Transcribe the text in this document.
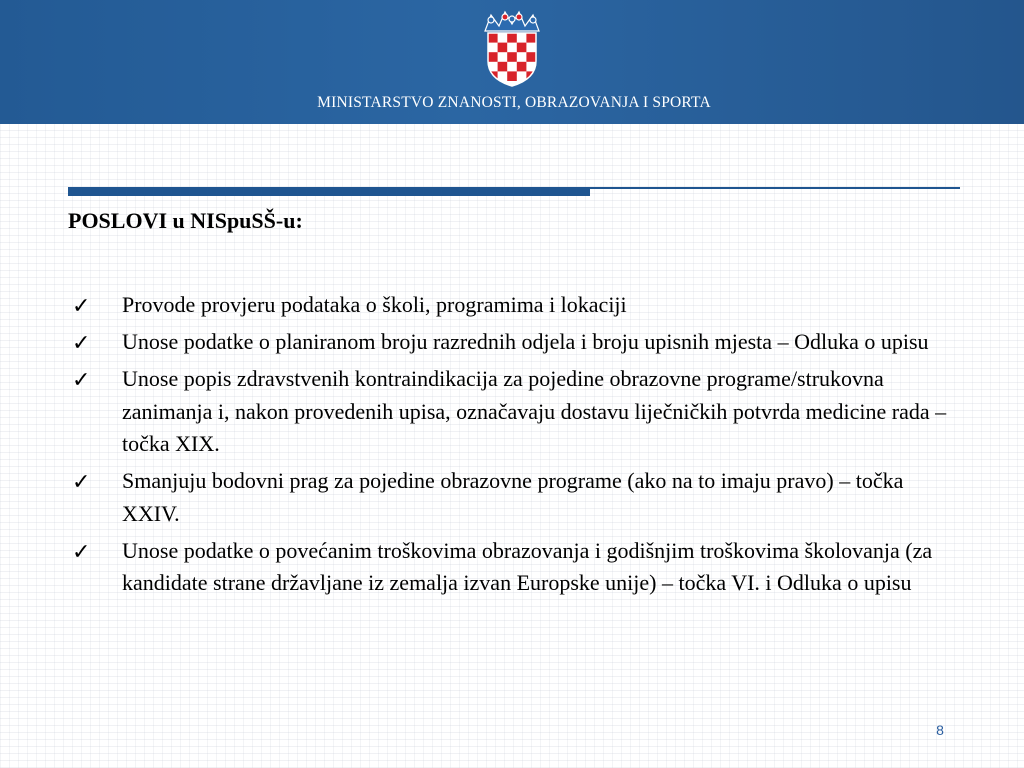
MINISTARSTVO ZNANOSTI, OBRAZOVANJA I SPORTA
POSLOVI u NISpuSŠ-u:
✓ Provode provjeru podataka o školi, programima i lokaciji
✓ Unose podatke o planiranom broju razrednih odjela i broju upisnih mjesta – Odluka o upisu
✓ Unose popis zdravstvenih kontraindikacija za pojedine obrazovne programe/strukovna zanimanja i, nakon provedenih upisa, označavaju dostavu liječničkih potvrda medicine rada – točka XIX.
✓ Smanjuju bodovni prag za pojedine obrazovne programe (ako na to imaju pravo) – točka XXIV.
✓ Unose podatke o povećanim troškovima obrazovanja i godišnjim troškovima školovanja (za kandidate strane državljane iz zemalja izvan Europske unije) – točka VI. i Odluka o upisu
8
